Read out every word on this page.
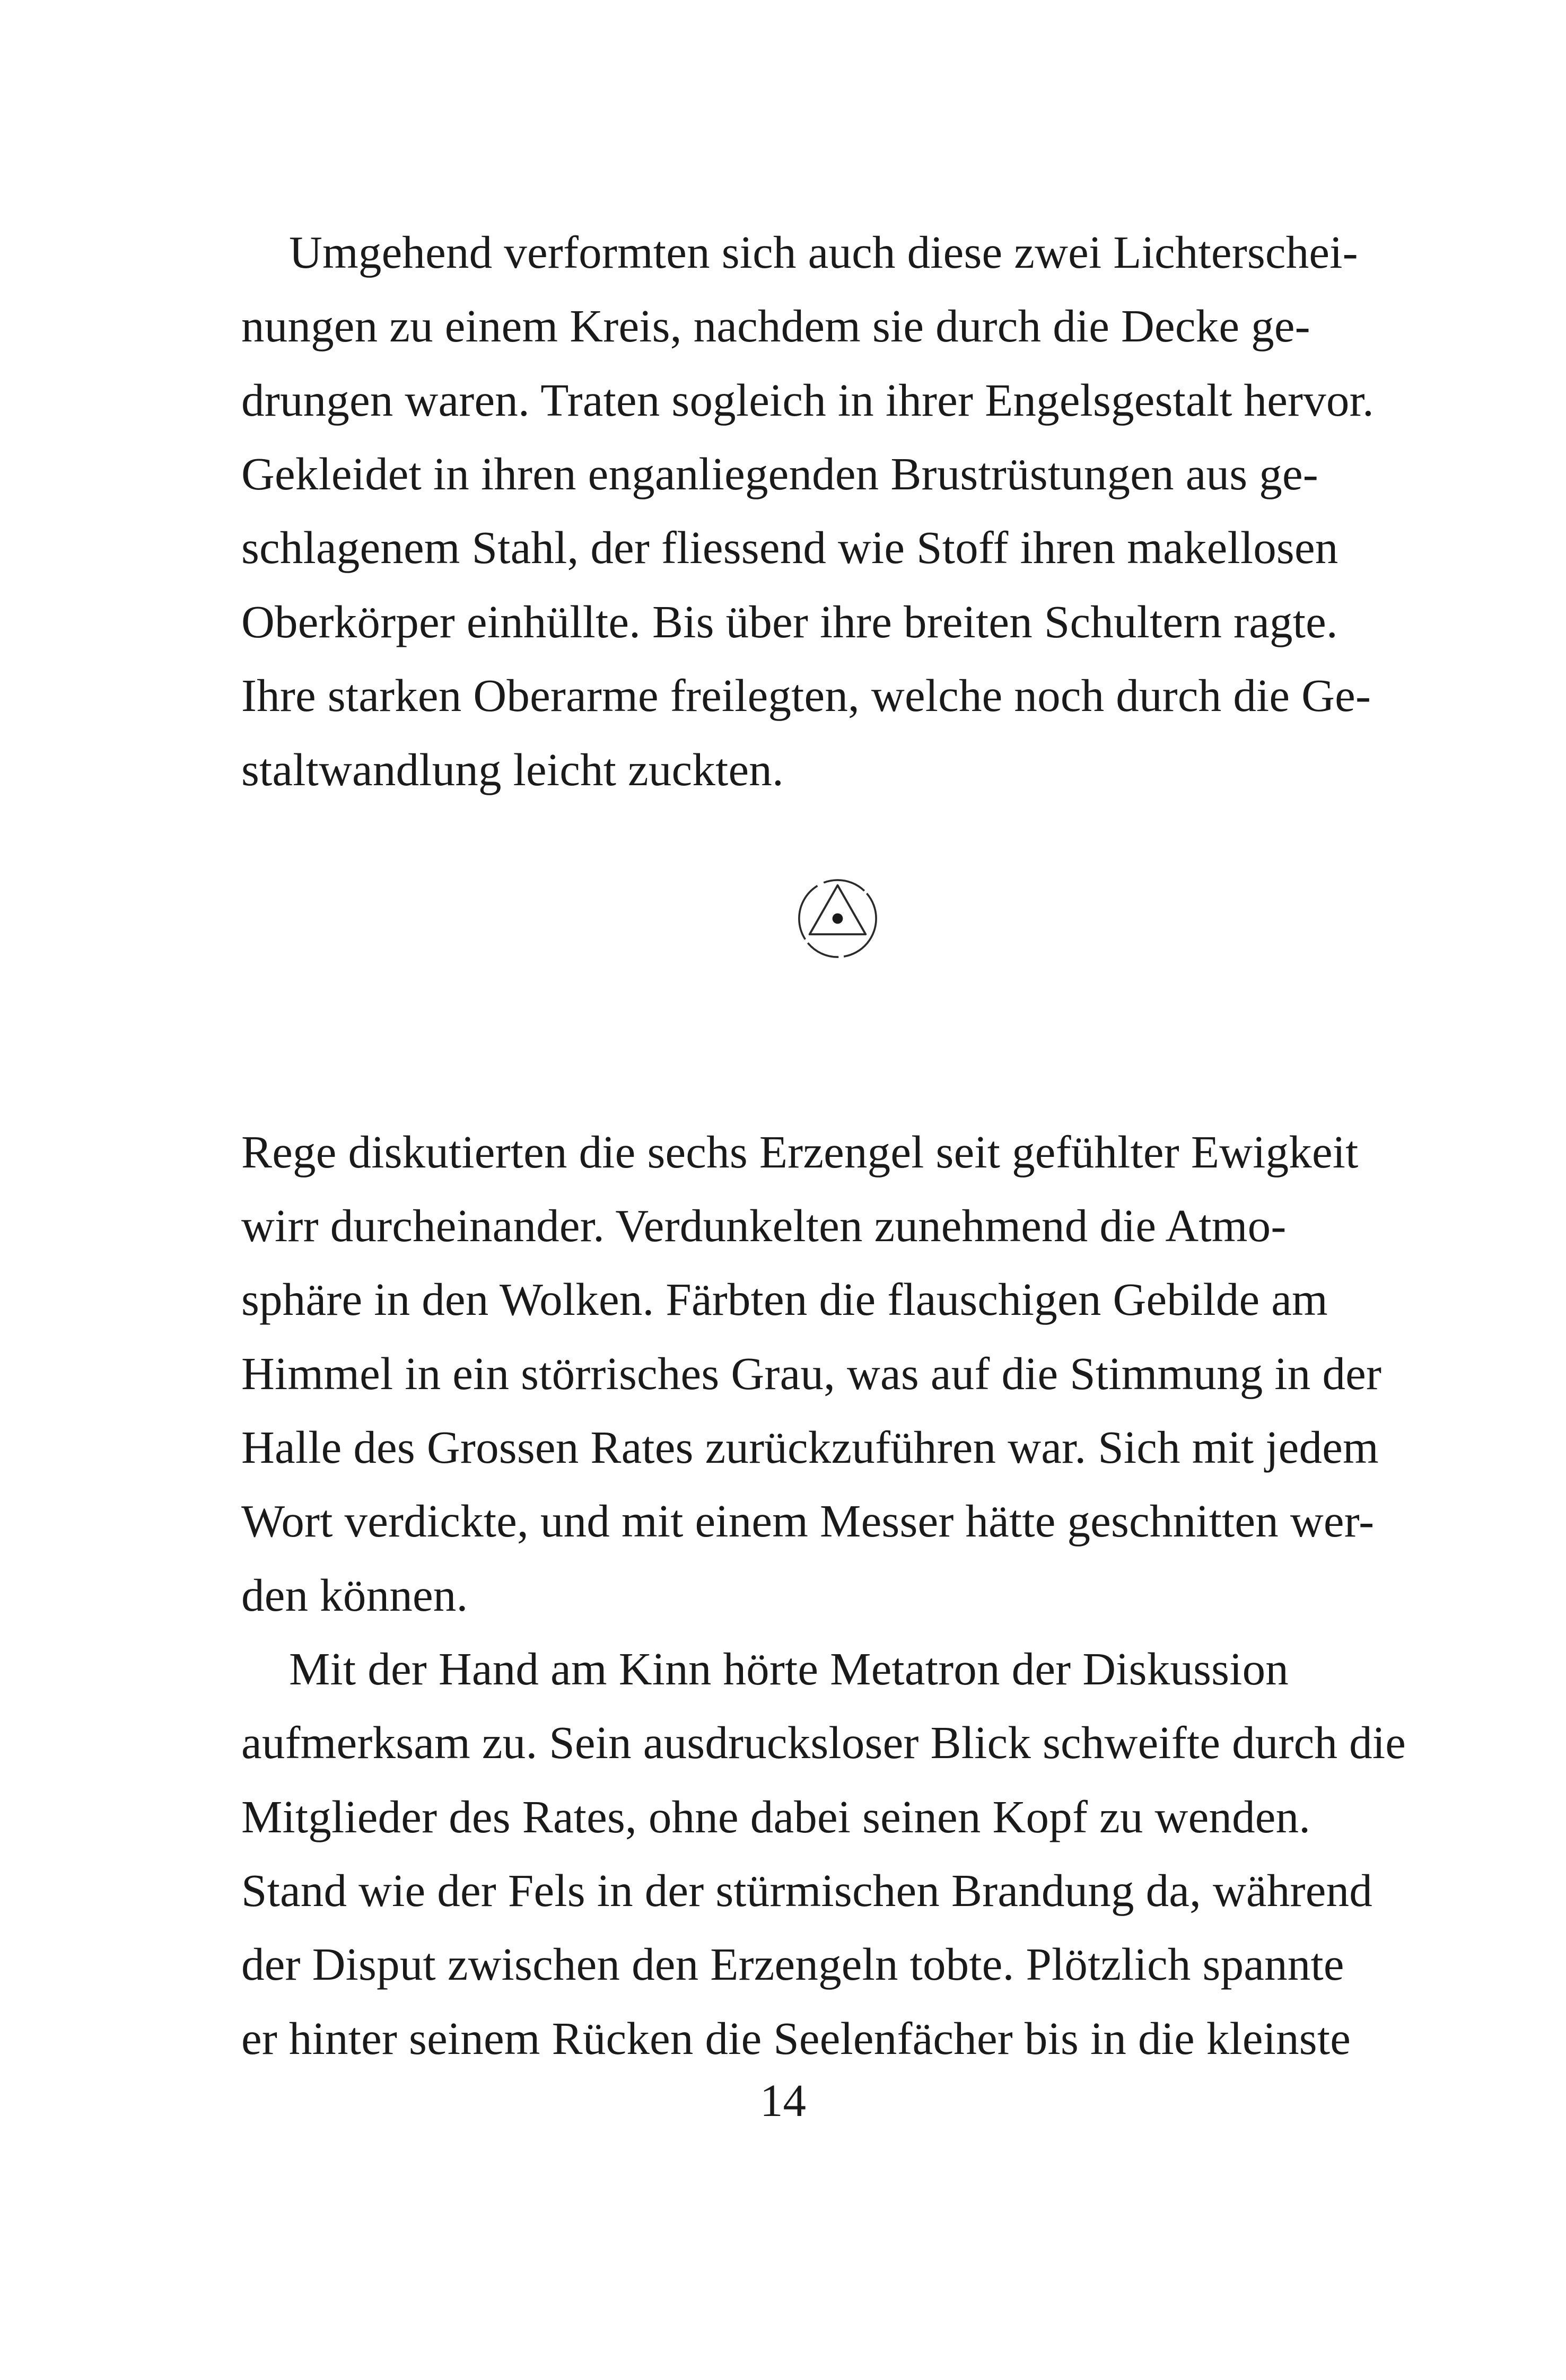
Umgehend verformten sich auch diese zwei Lichterschei-
nungen zu einem Kreis, nachdem sie durch die Decke ge-
drungen waren. Traten sogleich in ihrer Engelsgestalt hervor.
Gekleidet in ihren enganliegenden Brustrüstungen aus ge-
schlagenem Stahl, der fliessend wie Stoff ihren makellosen
Oberkörper einhüllte. Bis über ihre breiten Schultern ragte.
Ihre starken Oberarme freilegten, welche noch durch die Ge-
staltwandlung leicht zuckten.
Rege diskutierten die sechs Erzengel seit gefühlter Ewigkeit
wirr durcheinander. Verdunkelten zunehmend die Atmo-
sphäre in den Wolken. Färbten die flauschigen Gebilde am
Himmel in ein störrisches Grau, was auf die Stimmung in der
Halle des Grossen Rates zurückzuführen war. Sich mit jedem
Wort verdickte, und mit einem Messer hätte geschnitten wer-
den können.
Mit der Hand am Kinn hörte Metatron der Diskussion
aufmerksam zu. Sein ausdrucksloser Blick schweifte durch die
Mitglieder des Rates, ohne dabei seinen Kopf zu wenden.
Stand wie der Fels in der stürmischen Brandung da, während
der Disput zwischen den Erzengeln tobte. Plötzlich spannte
er hinter seinem Rücken die Seelenfächer bis in die kleinste
14
